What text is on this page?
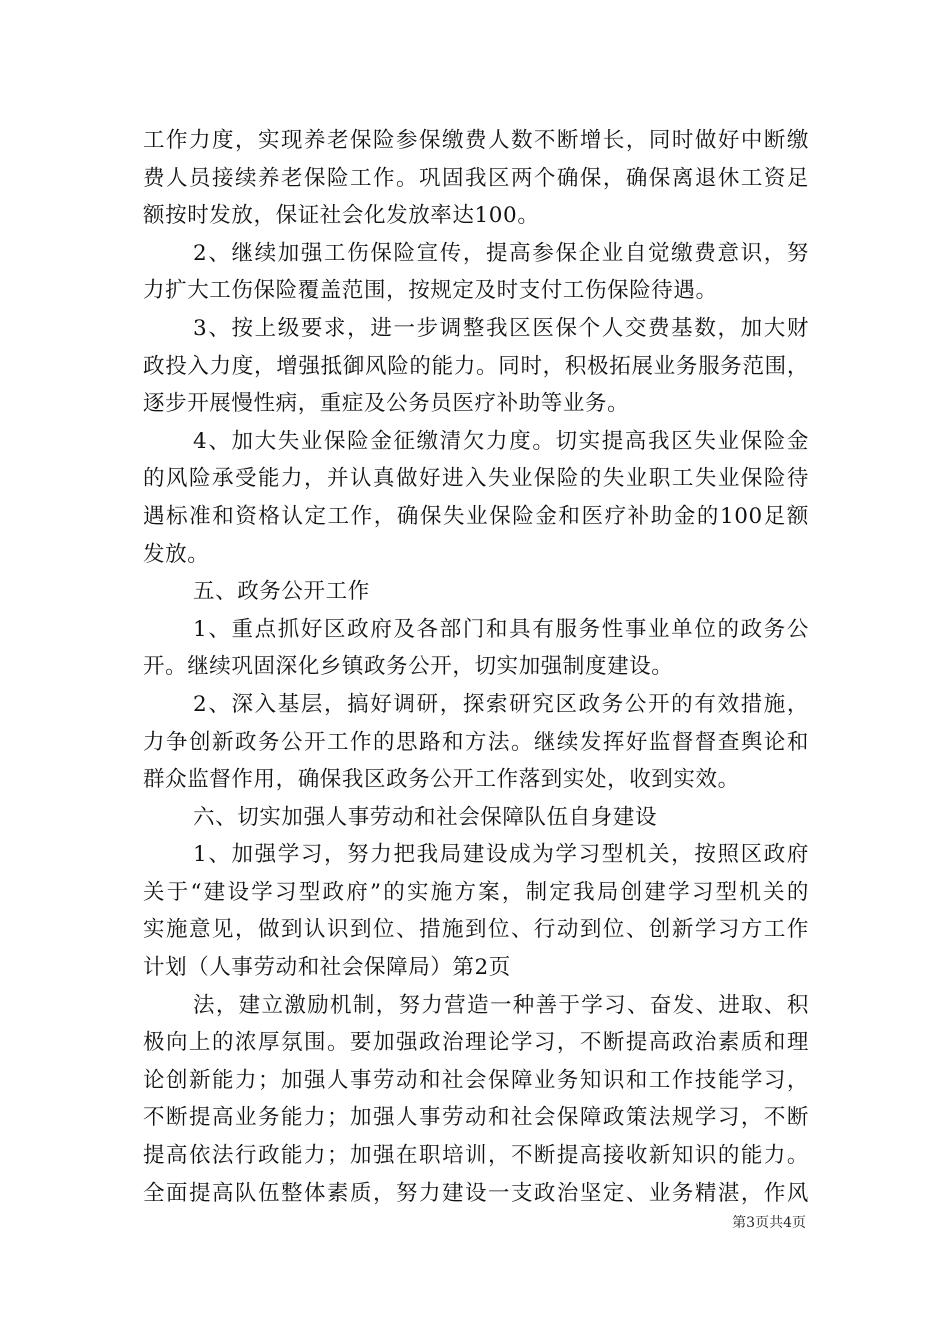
工作力度，实现养老保险参保缴费人数不断增长，同时做好中断缴
费人员接续养老保险工作。巩固我区两个确保，确保离退休工资足
额按时发放，保证社会化发放率达100。
2、继续加强工伤保险宣传，提高参保企业自觉缴费意识，努
力扩大工伤保险覆盖范围，按规定及时支付工伤保险待遇。
3、按上级要求，进一步调整我区医保个人交费基数，加大财
政投入力度，增强抵御风险的能力。同时，积极拓展业务服务范围，
逐步开展慢性病，重症及公务员医疗补助等业务。
4、加大失业保险金征缴清欠力度。切实提高我区失业保险金
的风险承受能力，并认真做好进入失业保险的失业职工失业保险待
遇标准和资格认定工作，确保失业保险金和医疗补助金的100足额
发放。
五、政务公开工作
1、重点抓好区政府及各部门和具有服务性事业单位的政务公
开。继续巩固深化乡镇政务公开，切实加强制度建设。
2、深入基层，搞好调研，探索研究区政务公开的有效措施，
力争创新政务公开工作的思路和方法。继续发挥好监督督查舆论和
群众监督作用，确保我区政务公开工作落到实处，收到实效。
六、切实加强人事劳动和社会保障队伍自身建设
1、加强学习，努力把我局建设成为学习型机关，按照区政府
关于“建设学习型政府”的实施方案，制定我局创建学习型机关的
实施意见，做到认识到位、措施到位、行动到位、创新学习方工作
计划（人事劳动和社会保障局）第2页
法，建立激励机制，努力营造一种善于学习、奋发、进取、积
极向上的浓厚氛围。要加强政治理论学习，不断提高政治素质和理
论创新能力；加强人事劳动和社会保障业务知识和工作技能学习，
不断提高业务能力；加强人事劳动和社会保障政策法规学习，不断
提高依法行政能力；加强在职培训，不断提高接收新知识的能力。
全面提高队伍整体素质，努力建设一支政治坚定、业务精湛，作风
第3页共4页
